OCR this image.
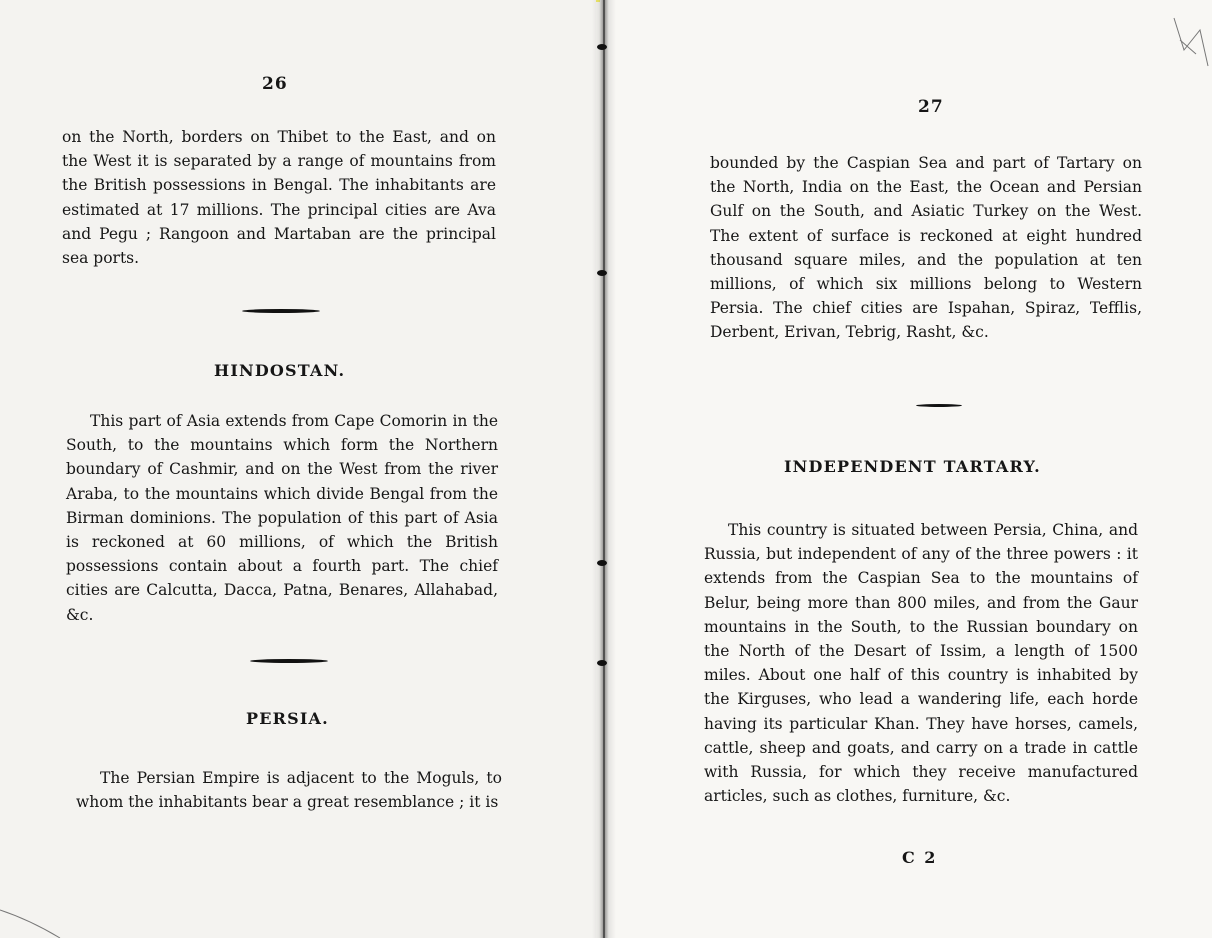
26

on the North, borders on Thibet to the East, and on the West it is separated by a range of mountains from the British possessions in Bengal. The inhabitants are estimated at 17 millions. The principal cities are Ava and Pegu ; Rangoon and Martaban are the principal sea ports.

HINDOSTAN.

This part of Asia extends from Cape Comorin in the South, to the mountains which form the Northern boundary of Cashmir, and on the West from the river Araba, to the mountains which divide Bengal from the Birman dominions. The population of this part of Asia is reckoned at 60 millions, of which the British possessions contain about a fourth part. The chief cities are Calcutta, Dacca, Patna, Benares, Allahabad, &c.

PERSIA.

The Persian Empire is adjacent to the Moguls, to whom the inhabitants bear a great resemblance ; it is

27

bounded by the Caspian Sea and part of Tartary on the North, India on the East, the Ocean and Persian Gulf on the South, and Asiatic Turkey on the West. The extent of surface is reckoned at eight hundred thousand square miles, and the population at ten millions, of which six millions belong to Western Persia. The chief cities are Ispahan, Spiraz, Tefflis, Derbent, Erivan, Tebrig, Rasht, &c.

INDEPENDENT TARTARY.

This country is situated between Persia, China, and Russia, but independent of any of the three powers : it extends from the Caspian Sea to the mountains of Belur, being more than 800 miles, and from the Gaur mountains in the South, to the Russian boundary on the North of the Desart of Issim, a length of 1500 miles. About one half of this country is inhabited by the Kirguses, who lead a wandering life, each horde having its particular Khan. They have horses, camels, cattle, sheep and goats, and carry on a trade in cattle with Russia, for which they receive manufactured articles, such as clothes, furniture, &c.

C 2
